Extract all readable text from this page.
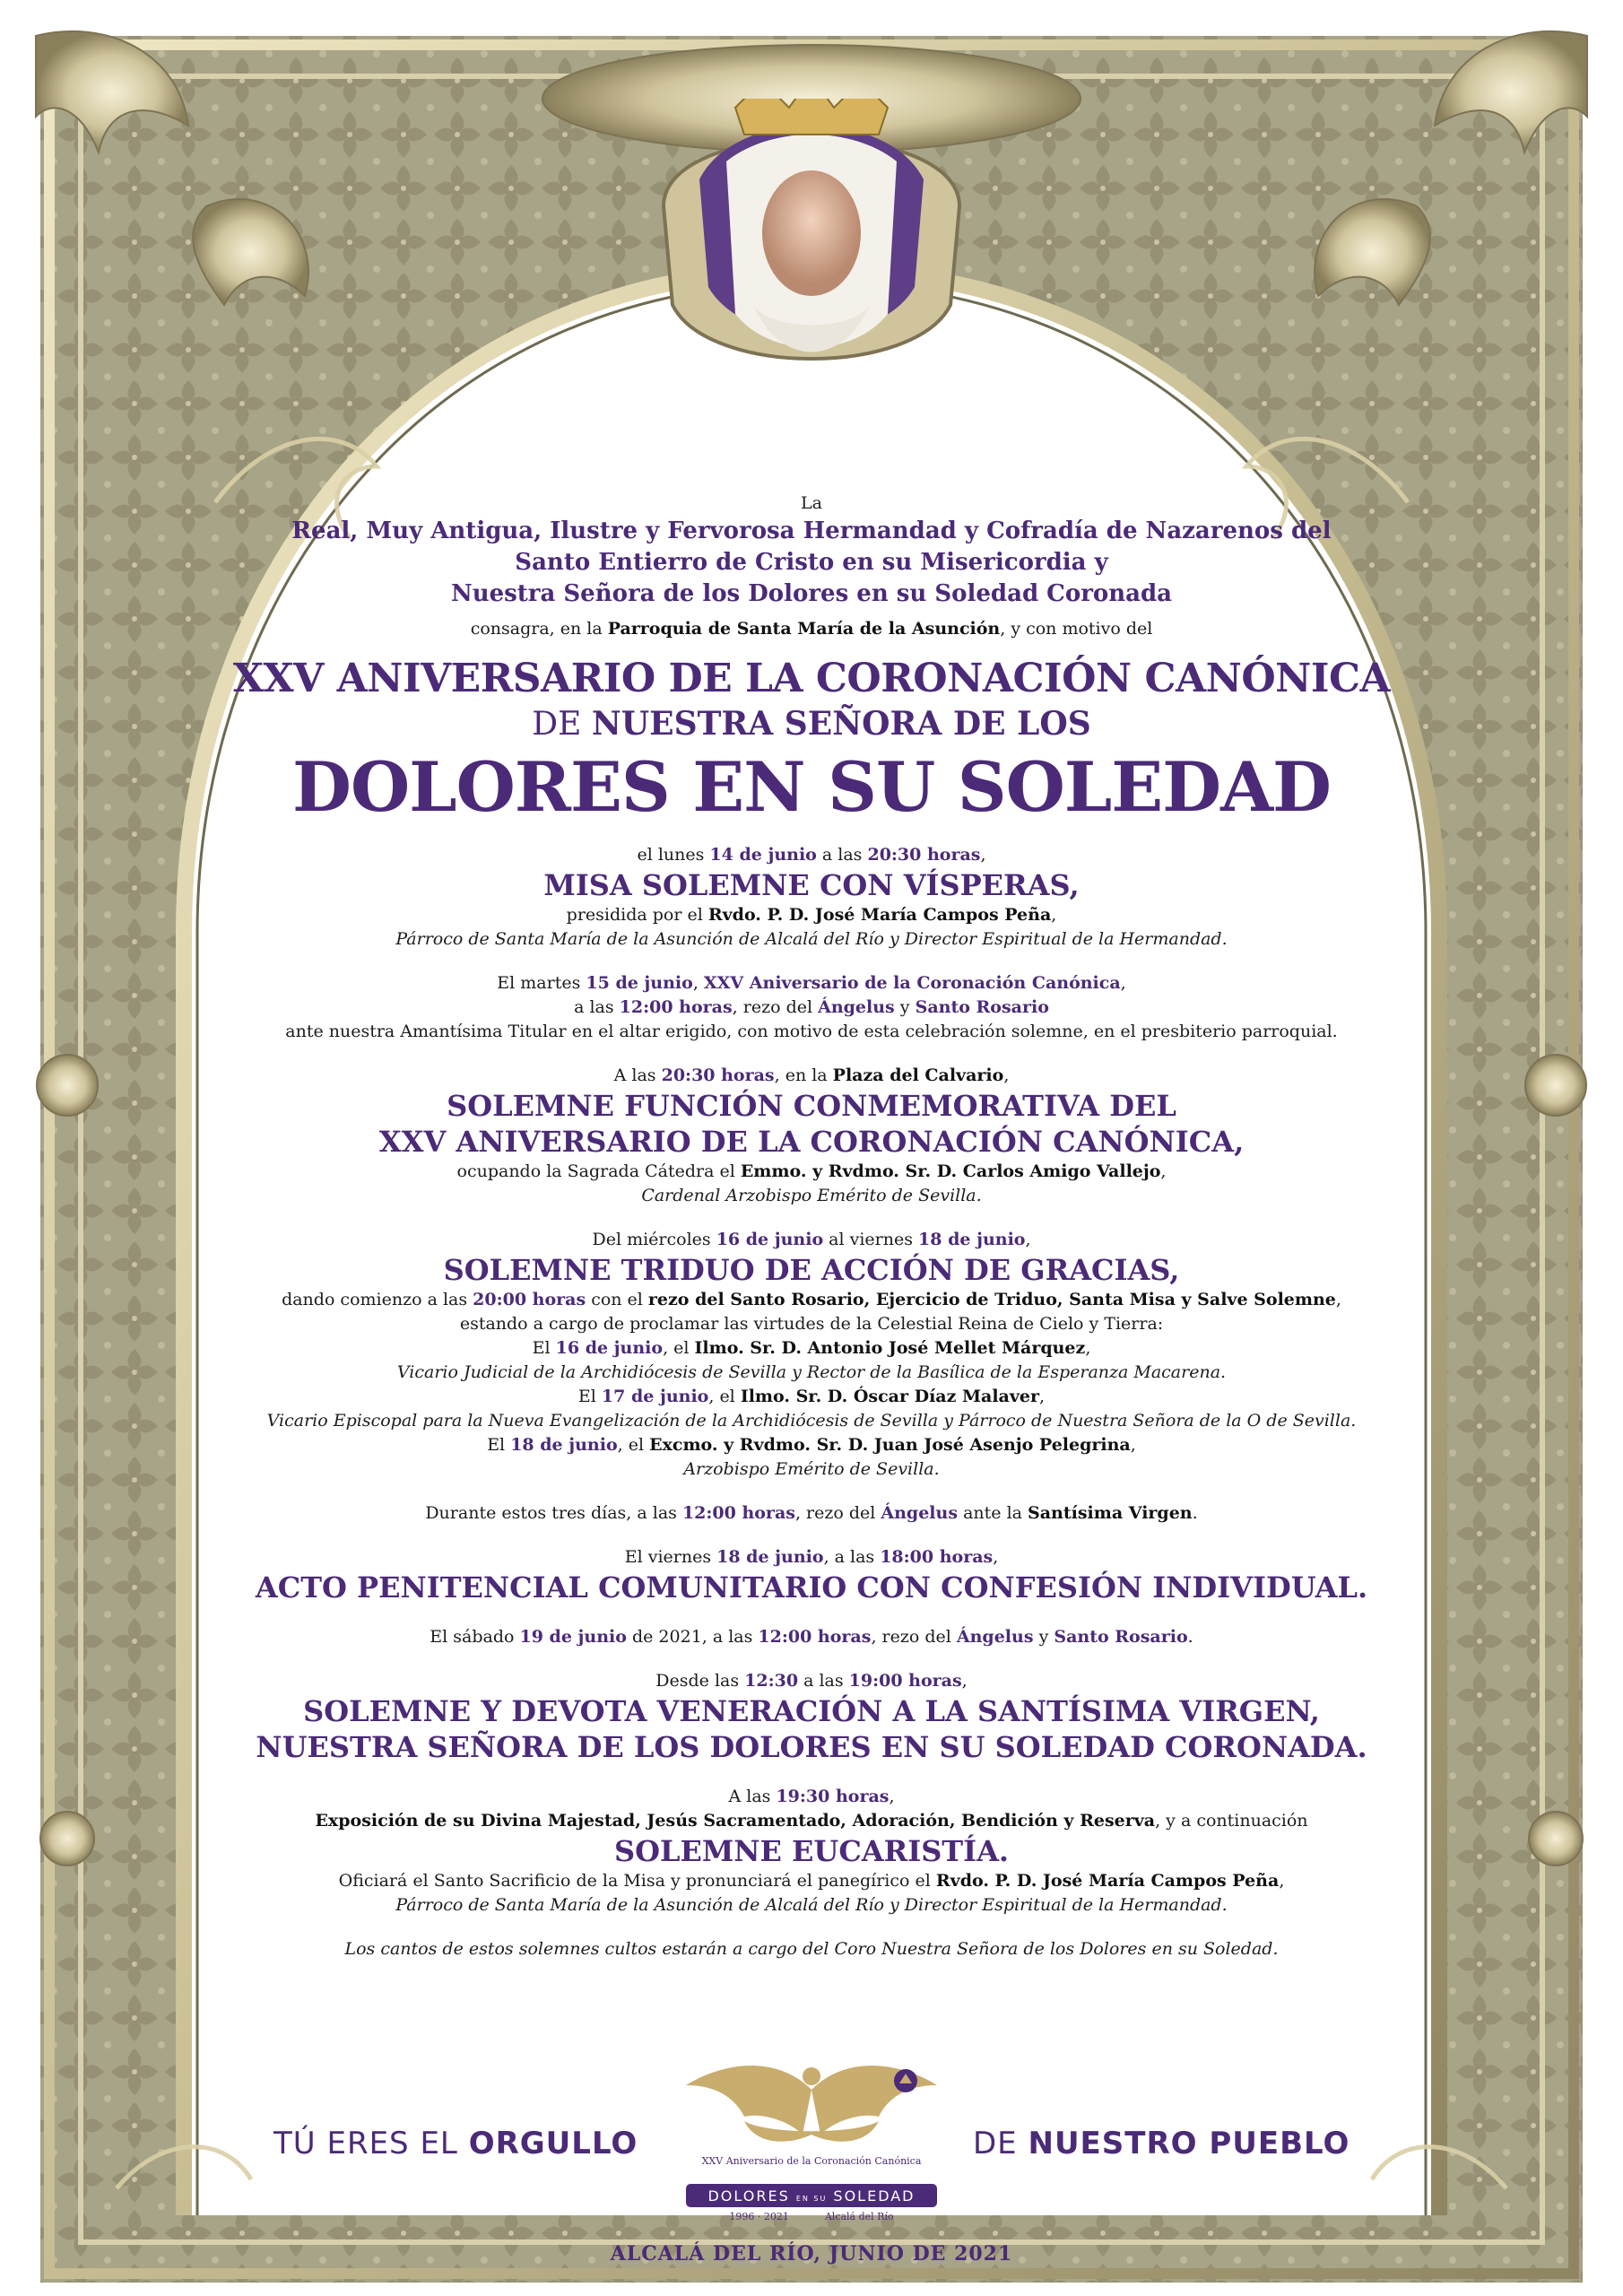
La

Real, Muy Antigua, Ilustre y Fervorosa Hermandad y Cofradía de Nazarenos del

Santo Entierro de Cristo en su Misericordia y

Nuestra Señora de los Dolores en su Soledad Coronada

consagra, en la Parroquia de Santa María de la Asunción, y con motivo del

XXV ANIVERSARIO DE LA CORONACIÓN CANÓNICA

DE NUESTRA SEÑORA DE LOS

DOLORES EN SU SOLEDAD

el lunes 14 de junio a las 20:30 horas,

MISA SOLEMNE CON VÍSPERAS,

presidida por el Rvdo. P. D. José María Campos Peña,

Párroco de Santa María de la Asunción de Alcalá del Río y Director Espiritual de la Hermandad.

El martes 15 de junio, XXV Aniversario de la Coronación Canónica,

a las 12:00 horas, rezo del Ángelus y Santo Rosario

ante nuestra Amantísima Titular en el altar erigido, con motivo de esta celebración solemne, en el presbiterio parroquial.

A las 20:30 horas, en la Plaza del Calvario,

SOLEMNE FUNCIÓN CONMEMORATIVA DEL

XXV ANIVERSARIO DE LA CORONACIÓN CANÓNICA,

ocupando la Sagrada Cátedra el Emmo. y Rvdmo. Sr. D. Carlos Amigo Vallejo,

Cardenal Arzobispo Emérito de Sevilla.

Del miércoles 16 de junio al viernes 18 de junio,

SOLEMNE TRIDUO DE ACCIÓN DE GRACIAS,

dando comienzo a las 20:00 horas con el rezo del Santo Rosario, Ejercicio de Triduo, Santa Misa y Salve Solemne,

estando a cargo de proclamar las virtudes de la Celestial Reina de Cielo y Tierra:

El 16 de junio, el Ilmo. Sr. D. Antonio José Mellet Márquez,

Vicario Judicial de la Archidiócesis de Sevilla y Rector de la Basílica de la Esperanza Macarena.

El 17 de junio, el Ilmo. Sr. D. Óscar Díaz Malaver,

Vicario Episcopal para la Nueva Evangelización de la Archidiócesis de Sevilla y Párroco de Nuestra Señora de la O de Sevilla.

El 18 de junio, el Excmo. y Rvdmo. Sr. D. Juan José Asenjo Pelegrina,

Arzobispo Emérito de Sevilla.

Durante estos tres días, a las 12:00 horas, rezo del Ángelus ante la Santísima Virgen.

El viernes 18 de junio, a las 18:00 horas,

ACTO PENITENCIAL COMUNITARIO CON CONFESIÓN INDIVIDUAL.

El sábado 19 de junio de 2021, a las 12:00 horas, rezo del Ángelus y Santo Rosario.

Desde las 12:30 a las 19:00 horas,

SOLEMNE Y DEVOTA VENERACIÓN A LA SANTÍSIMA VIRGEN,

NUESTRA SEÑORA DE LOS DOLORES EN SU SOLEDAD CORONADA.

A las 19:30 horas,

Exposición de su Divina Majestad, Jesús Sacramentado, Adoración, Bendición y Reserva, y a continuación

SOLEMNE EUCARISTÍA.

Oficiará el Santo Sacrificio de la Misa y pronunciará el panegírico el Rvdo. P. D. José María Campos Peña,

Párroco de Santa María de la Asunción de Alcalá del Río y Director Espiritual de la Hermandad.

Los cantos de estos solemnes cultos estarán a cargo del Coro Nuestra Señora de los Dolores en su Soledad.

TÚ ERES EL ORGULLO	DE NUESTRO PUEBLO
XXV Aniversario de la Coronación Canónica
DOLORES EN SU SOLEDAD
1996 · 2021	Alcalá del Río
ALCALÁ DEL RÍO, JUNIO DE 2021
